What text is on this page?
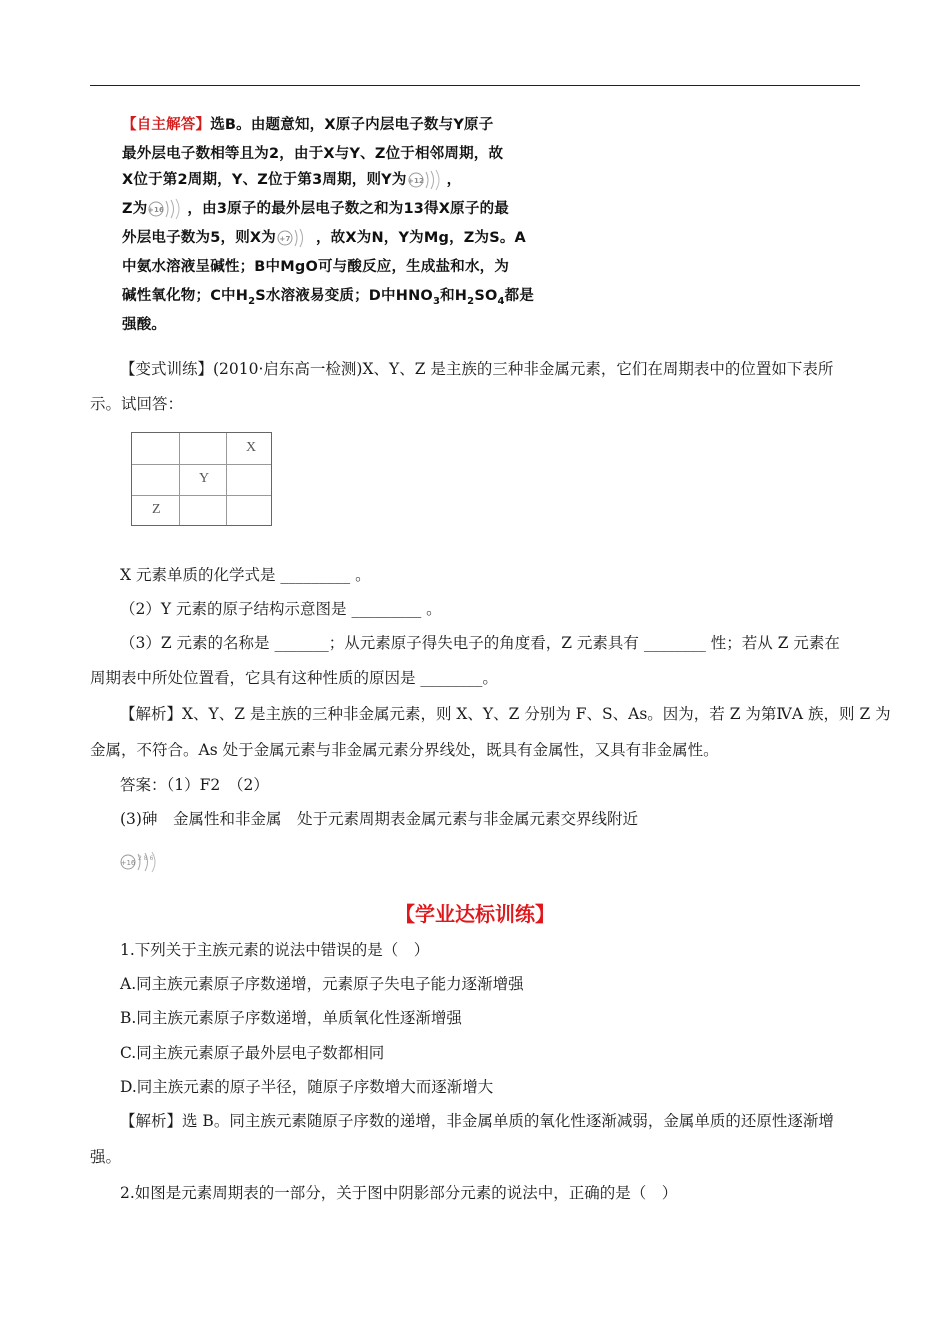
【自主解答】选B。由题意知，X原子内层电子数与Y原子
最外层电子数相等且为2，由于X与Y、Z位于相邻周期，故
X位于第2周期，Y、Z位于第3周期，则Y为 +12 ，
Z为 +16 ，由3原子的最外层电子数之和为13得X原子的最
外层电子数为5，则X为 +7 ，故X为N，Y为Mg，Z为S。A
中氨水溶液呈碱性；B中MgO可与酸反应，生成盐和水，为
碱性氧化物；C中$H_2S$水溶液易变质；D中$HNO_3$和$H_2SO_4$都是
强酸。
【变式训练】(2010·启东高一检测)X、Y、Z 是主族的三种非金属元素，它们在周期表中的位置如下表所
示。试回答：
X
Y
Z
X 元素单质的化学式是 _________ 。
（2）Y 元素的原子结构示意图是 _________ 。
（3）Z 元素的名称是 _______；从元素原子得失电子的角度看，Z 元素具有 ________ 性；若从 Z 元素在
周期表中所处位置看，它具有这种性质的原因是 ________。
【解析】X、Y、Z 是主族的三种非金属元素，则 X、Y、Z 分别为 F、S、As。因为，若 Z 为第ⅣA 族，则 Z 为
金属，不符合。As 处于金属元素与非金属元素分界线处，既具有金属性，又具有非金属性。
答案：（1）F2　（2）
(3)砷　金属性和非金属　处于元素周期表金属元素与非金属元素交界线附近
+16
2 8 6
【学业达标训练】
1.下列关于主族元素的说法中错误的是（　）
A.同主族元素原子序数递增，元素原子失电子能力逐渐增强
B.同主族元素原子序数递增，单质氧化性逐渐增强
C.同主族元素原子最外层电子数都相同
D.同主族元素的原子半径，随原子序数增大而逐渐增大
【解析】选 B。同主族元素随原子序数的递增，非金属单质的氧化性逐渐减弱，金属单质的还原性逐渐增
强。
2.如图是元素周期表的一部分，关于图中阴影部分元素的说法中，正确的是（　）
